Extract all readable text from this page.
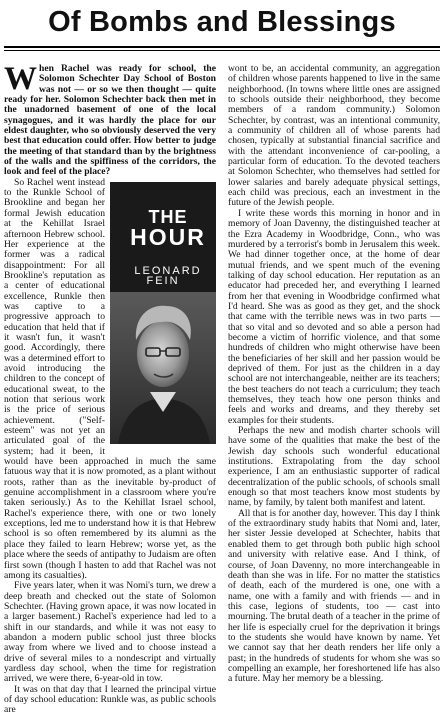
Of Bombs and Blessings

When Rachel was ready for school, the Solomon Schechter Day School of Boston was not — or so we then thought — quite ready for her. Solomon Schechter back then met in the unadorned basement of one of the local synagogues, and it was hardly the place for our eldest daughter, who so obviously deserved the very best that education could offer. How better to judge the meeting of that standard than by the brightness of the walls and the spiffiness of the corridors, the look and feel of the place?

THE
HOUR
LEONARD FEIN
So Rachel went instead to the Runkle School of Brookline and began her formal Jewish education at the Kehillat Israel afternoon Hebrew school. Her experience at the former was a radical disappointment: For all Brookline's reputation as a center of educational excellence, Runkle then was captive to a progressive approach to education that held that if it wasn't fun, it wasn't good. Accordingly, there was a determined effort to avoid introducing the children to the concept of educational sweat, to the notion that serious work is the price of serious achievement. ("Self-esteem" was not yet an articulated goal of the system; had it been, it would have been approached in much the same fatuous way that it is now promoted, as a plant without roots, rather than as the inevitable by-product of genuine accomplishment in a classroom where you're taken seriously.) As to the Kehillat Israel school, Rachel's experience there, with one or two lonely exceptions, led me to understand how it is that Hebrew school is so often remembered by its alumni as the place they failed to learn Hebrew; worse yet, as the place where the seeds of antipathy to Judaism are often first sown (though I hasten to add that Rachel was not among its casualties).

Five years later, when it was Nomi's turn, we drew a deep breath and checked out the state of Solomon Schechter. (Having grown apace, it was now located in a larger basement.) Rachel's experience had led to a shift in our standards, and while it was not easy to abandon a modern public school just three blocks away from where we lived and to choose instead a drive of several miles to a nondescript and virtually yardless day school, when the time for registration arrived, we were there, 6-year-old in tow.

It was on that day that I learned the principal virtue of day school education: Runkle was, as public schools are

wont to be, an accidental community, an aggregation of children whose parents happened to live in the same neighborhood. (In towns where little ones are assigned to schools outside their neighborhood, they become members of a random community.) Solomon Schechter, by contrast, was an intentional community, a community of children all of whose parents had chosen, typically at substantial financial sacrifice and with the attendant inconvenience of car-pooling, a particular form of education. To the devoted teachers at Solomon Schechter, who themselves had settled for lower salaries and barely adequate physical settings, each child was precious, each an investment in the future of the Jewish people.

I write these words this morning in honor and in memory of Joan Davenny, the distinguished teacher at the Ezra Academy in Woodbridge, Conn., who was murdered by a terrorist's bomb in Jerusalem this week. We had dinner together once, at the home of dear mutual friends, and we spent much of the evening talking of day school education. Her reputation as an educator had preceded her, and everything I learned from her that evening in Woodbridge confirmed what I'd heard. She was as good as they get, and the shock that came with the terrible news was in two parts — that so vital and so devoted and so able a person had become a victim of horrific violence, and that some hundreds of children who might otherwise have been the beneficiaries of her skill and her passion would be deprived of them. For just as the children in a day school are not interchangeable, neither are its teachers; the best teachers do not teach a curriculum; they teach themselves, they teach how one person thinks and feels and works and dreams, and they thereby set examples for their students.

Perhaps the new and modish charter schools will have some of the qualities that make the best of the Jewish day schools such wonderful educational institutions. Extrapolating from the day school experience, I am an enthusiastic supporter of radical decentralization of the public schools, of schools small enough so that most teachers know most students by name, by family, by talent both manifest and latent.

All that is for another day, however. This day I think of the extraordinary study habits that Nomi and, later, her sister Jessie developed at Schechter, habits that enabled them to get through both public high school and university with relative ease. And I think, of course, of Joan Davenny, no more interchangeable in death than she was in life. For no matter the statistics of death, each of the murdered is one, one with a name, one with a family and with friends — and in this case, legions of students, too — cast into mourning. The brutal death of a teacher in the prime of her life is especially cruel for the deprivation it brings to the students she would have known by name. Yet we cannot say that her death renders her life only a past; in the hundreds of students for whom she was so compelling an example, her foreshortened life has also a future. May her memory be a blessing.
